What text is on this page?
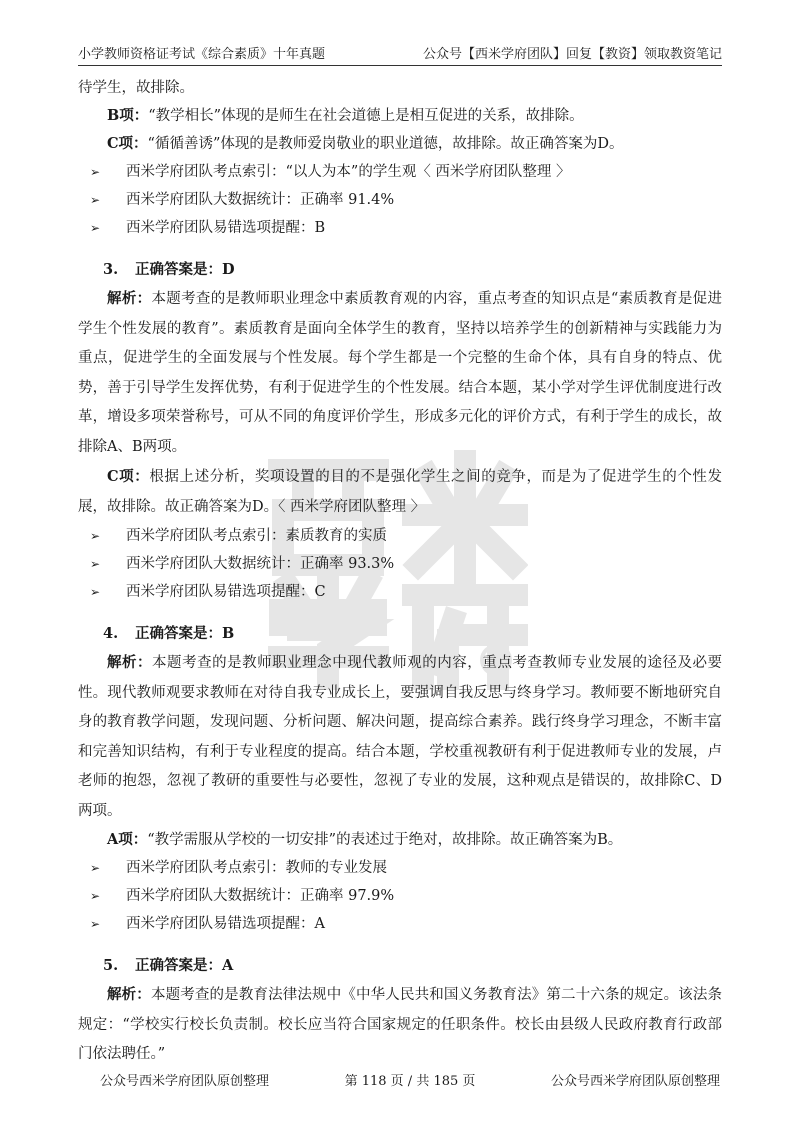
小学教师资格证考试《综合素质》十年真题	公众号【西米学府团队】回复【教资】领取教资笔记

待学生，故排除。

B项：“教学相长”体现的是师生在社会道德上是相互促进的关系，故排除。

C项：“循循善诱”体现的是教师爱岗敬业的职业道德，故排除。故正确答案为D。

➢	西米学府团队考点索引：“以人为本”的学生观〈 西米学府团队整理 〉
➢	西米学府团队大数据统计：正确率 91.4%
➢	西米学府团队易错选项提醒：B
3.	正确答案是：D

解析：本题考查的是教师职业理念中素质教育观的内容，重点考查的知识点是“素质教育是促进学生个性发展的教育”。素质教育是面向全体学生的教育，坚持以培养学生的创新精神与实践能力为重点，促进学生的全面发展与个性发展。每个学生都是一个完整的生命个体，具有自身的特点、优势，善于引导学生发挥优势，有利于促进学生的个性发展。结合本题，某小学对学生评优制度进行改革，增设多项荣誉称号，可从不同的角度评价学生，形成多元化的评价方式，有利于学生的成长，故排除A、B两项。

C项：根据上述分析，奖项设置的目的不是强化学生之间的竞争，而是为了促进学生的个性发展，故排除。故正确答案为D。〈 西米学府团队整理 〉

➢	西米学府团队考点索引：素质教育的实质
➢	西米学府团队大数据统计：正确率 93.3%
➢	西米学府团队易错选项提醒：C
4.	正确答案是：B

解析：本题考查的是教师职业理念中现代教师观的内容，重点考查教师专业发展的途径及必要性。现代教师观要求教师在对待自我专业成长上，要强调自我反思与终身学习。教师要不断地研究自身的教育教学问题，发现问题、分析问题、解决问题，提高综合素养。践行终身学习理念，不断丰富和完善知识结构，有利于专业程度的提高。结合本题，学校重视教研有利于促进教师专业的发展，卢老师的抱怨，忽视了教研的重要性与必要性，忽视了专业的发展，这种观点是错误的，故排除C、D两项。

A项：“教学需服从学校的一切安排”的表述过于绝对，故排除。故正确答案为B。

➢	西米学府团队考点索引：教师的专业发展
➢	西米学府团队大数据统计：正确率 97.9%
➢	西米学府团队易错选项提醒：A
5.	正确答案是：A

解析：本题考查的是教育法律法规中《中华人民共和国义务教育法》第二十六条的规定。该法条规定：“学校实行校长负责制。校长应当符合国家规定的任职条件。校长由县级人民政府教育行政部门依法聘任。”

公众号西米学府团队原创整理	第 118 页 / 共 185 页	公众号西米学府团队原创整理
